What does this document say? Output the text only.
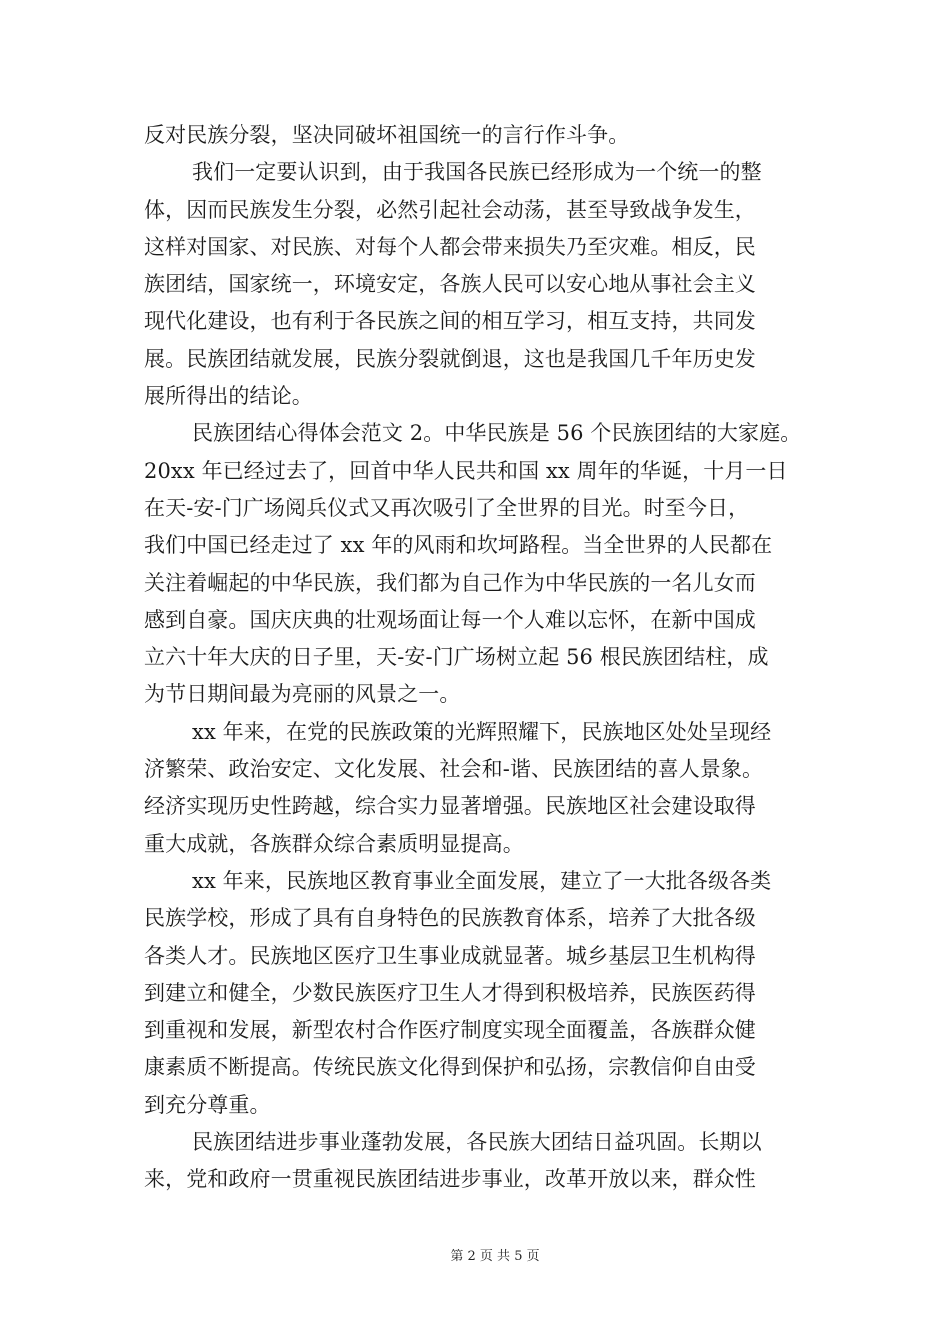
反对民族分裂，坚决同破坏祖国统一的言行作斗争。
我们一定要认识到，由于我国各民族已经形成为一个统一的整
体，因而民族发生分裂，必然引起社会动荡，甚至导致战争发生，
这样对国家、对民族、对每个人都会带来损失乃至灾难。相反，民
族团结，国家统一，环境安定，各族人民可以安心地从事社会主义
现代化建设，也有利于各民族之间的相互学习，相互支持，共同发
展。民族团结就发展，民族分裂就倒退，这也是我国几千年历史发
展所得出的结论。
民族团结心得体会范文 2。中华民族是 56 个民族团结的大家庭。
20xx 年已经过去了，回首中华人民共和国 xx 周年的华诞，十月一日
在天-安-门广场阅兵仪式又再次吸引了全世界的目光。时至今日，
我们中国已经走过了 xx 年的风雨和坎坷路程。当全世界的人民都在
关注着崛起的中华民族，我们都为自己作为中华民族的一名儿女而
感到自豪。国庆庆典的壮观场面让每一个人难以忘怀，在新中国成
立六十年大庆的日子里，天-安-门广场树立起 56 根民族团结柱，成
为节日期间最为亮丽的风景之一。
xx 年来，在党的民族政策的光辉照耀下，民族地区处处呈现经
济繁荣、政治安定、文化发展、社会和-谐、民族团结的喜人景象。
经济实现历史性跨越，综合实力显著增强。民族地区社会建设取得
重大成就，各族群众综合素质明显提高。
xx 年来，民族地区教育事业全面发展，建立了一大批各级各类
民族学校，形成了具有自身特色的民族教育体系，培养了大批各级
各类人才。民族地区医疗卫生事业成就显著。城乡基层卫生机构得
到建立和健全，少数民族医疗卫生人才得到积极培养，民族医药得
到重视和发展，新型农村合作医疗制度实现全面覆盖，各族群众健
康素质不断提高。传统民族文化得到保护和弘扬，宗教信仰自由受
到充分尊重。
民族团结进步事业蓬勃发展，各民族大团结日益巩固。长期以
来，党和政府一贯重视民族团结进步事业，改革开放以来，群众性
第 2 页 共 5 页
